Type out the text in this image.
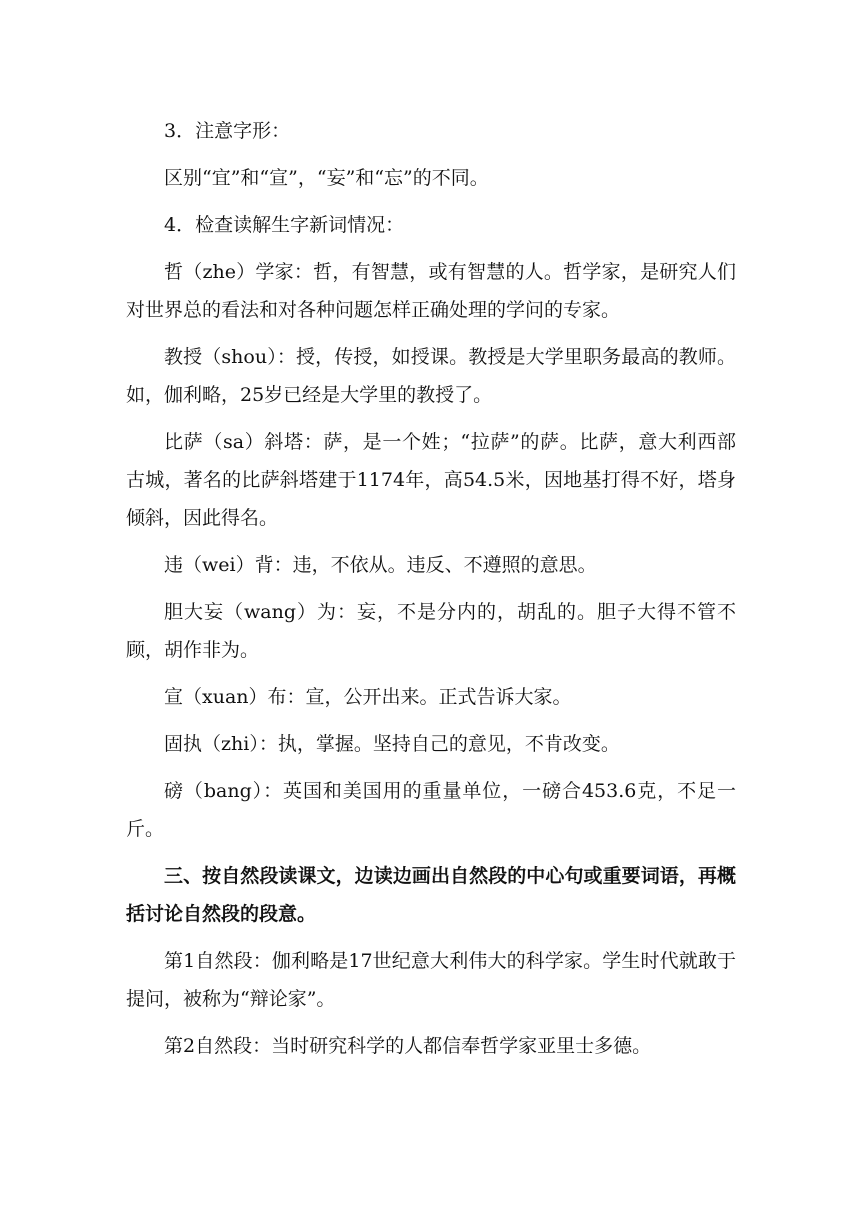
3．注意字形：

区别“宜”和“宣”，“妄”和“忘”的不同。

4．检查读解生字新词情况：

哲（zhe）学家：哲，有智慧，或有智慧的人。哲学家，是研究人们对世界总的看法和对各种问题怎样正确处理的学问的专家。

教授（shou）：授，传授，如授课。教授是大学里职务最高的教师。如，伽利略，25岁已经是大学里的教授了。

比萨（sa）斜塔：萨，是一个姓；“拉萨”的萨。比萨，意大利西部古城，著名的比萨斜塔建于1174年，高54.5米，因地基打得不好，塔身倾斜，因此得名。

违（wei）背：违，不依从。违反、不遵照的意思。

胆大妄（wang）为：妄，不是分内的，胡乱的。胆子大得不管不顾，胡作非为。

宣（xuan）布：宣，公开出来。正式告诉大家。

固执（zhi）：执，掌握。坚持自己的意见，不肯改变。

磅（bang）：英国和美国用的重量单位，一磅合453.6克，不足一斤。

三、按自然段读课文，边读边画出自然段的中心句或重要词语，再概括讨论自然段的段意。

第1自然段：伽利略是17世纪意大利伟大的科学家。学生时代就敢于提问，被称为“辩论家”。

第2自然段：当时研究科学的人都信奉哲学家亚里士多德。
